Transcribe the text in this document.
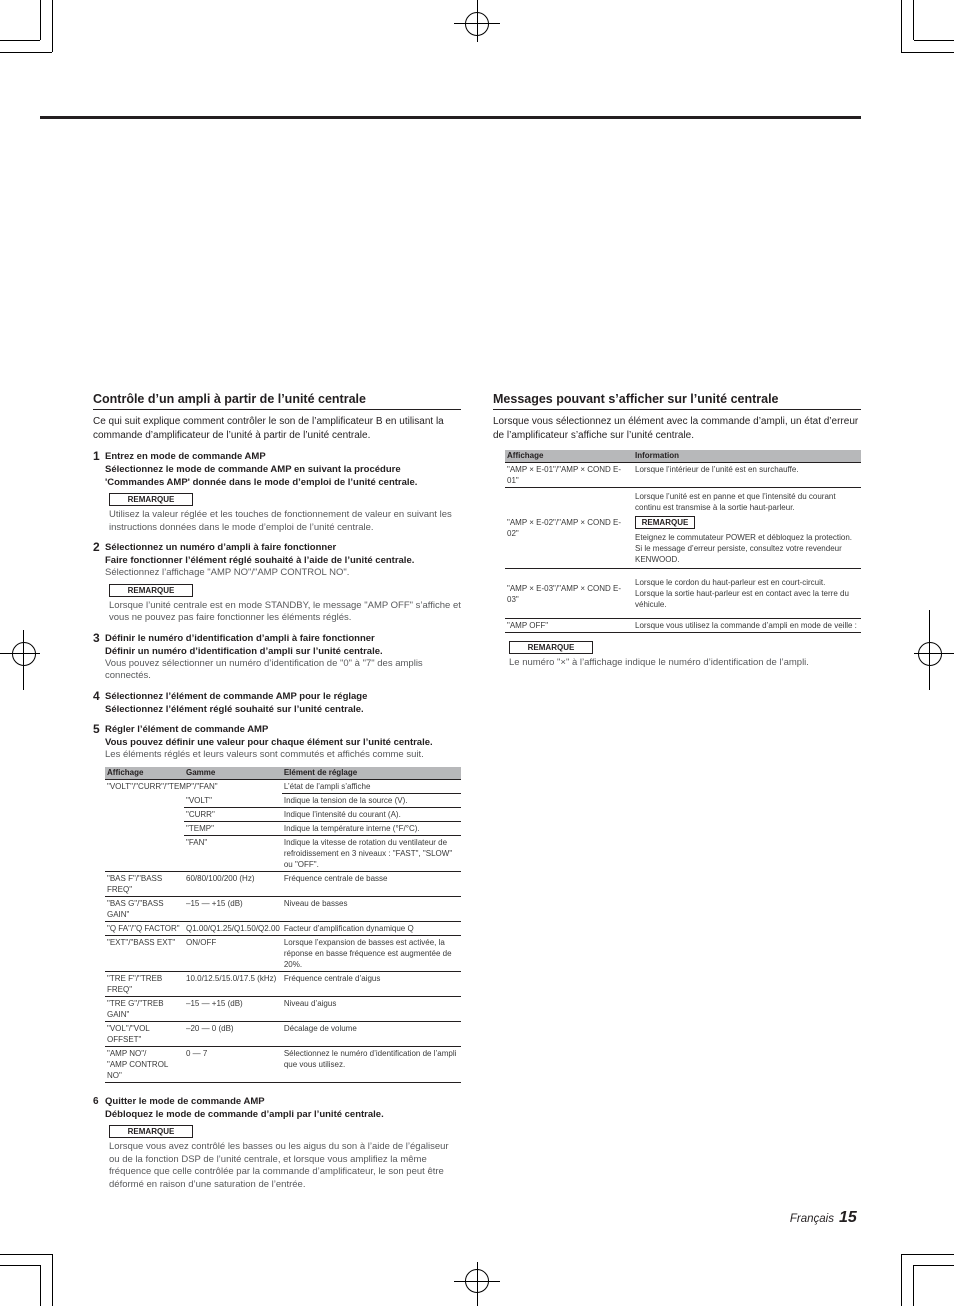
Contrôle d’un ampli à partir de l’unité centrale

Ce qui suit explique comment contrôler le son de l’amplificateur B en utilisant la commande d’amplificateur de l’unité à partir de l’unité centrale.

1 Entrez en mode de commande AMP
Sélectionnez le mode de commande AMP en suivant la procédure 'Commandes AMP' donnée dans le mode d’emploi de l’unité centrale.
REMARQUE
Utilisez la valeur réglée et les touches de fonctionnement de valeur en suivant les instructions données dans le mode d’emploi de l’unité centrale.
2 Sélectionnez un numéro d’ampli à faire fonctionner
Faire fonctionner l’élément réglé souhaité à l’aide de l’unité centrale.
Sélectionnez l’affichage "AMP NO"/"AMP CONTROL NO".
REMARQUE
Lorsque l’unité centrale est en mode STANDBY, le message "AMP OFF" s’affiche et vous ne pouvez pas faire fonctionner les éléments réglés.
3 Définir le numéro d’identification d’ampli à faire fonctionner
Définir un numéro d’identification d’ampli sur l’unité centrale.
Vous pouvez sélectionner un numéro d’identification de "0" à "7" des amplis connectés.
4 Sélectionnez l’élément de commande AMP pour le réglage
Sélectionnez l’élément réglé souhaité sur l’unité centrale.
5 Régler l’élément de commande AMP
Vous pouvez définir une valeur pour chaque élément sur l’unité centrale.
Les éléments réglés et leurs valeurs sont commutés et affichés comme suit.
Affichage	Gamme	Elément de réglage
"VOLT"/"CURR"/"TEMP"/"FAN"		L’état de l’ampli s’affiche
	"VOLT"	Indique la tension de la source (V).
	"CURR"	Indique l’intensité du courant (A).
	"TEMP"	Indique la température interne (°F/°C).
	"FAN"	Indique la vitesse de rotation du ventilateur de refroidissement en 3 niveaux : "FAST", "SLOW" ou "OFF".
"BAS F"/"BASS FREQ"	60/80/100/200 (Hz)	Fréquence centrale de basse
"BAS G"/"BASS GAIN"	–15 — +15 (dB)	Niveau de basses
"Q FA"/"Q FACTOR"	Q1.00/Q1.25/Q1.50/Q2.00	Facteur d’amplification dynamique Q
"EXT"/"BASS EXT"	ON/OFF	Lorsque l’expansion de basses est activée, la réponse en basse fréquence est augmentée de 20%.
"TRE F"/"TREB FREQ"	10.0/12.5/15.0/17.5 (kHz)	Fréquence centrale d’aigus
"TRE G"/"TREB GAIN"	–15 — +15 (dB)	Niveau d’aigus
"VOL"/"VOL OFFSET"	–20 — 0 (dB)	Décalage de volume
"AMP NO"/
"AMP CONTROL NO"	0 — 7	Sélectionnez le numéro d’identification de l’ampli que vous utilisez.
6 Quitter le mode de commande AMP
Débloquez le mode de commande d’ampli par l’unité centrale.
REMARQUE
Lorsque vous avez contrôlé les basses ou les aigus du son à l’aide de l’égaliseur ou de la fonction DSP de l’unité centrale, et lorsque vous amplifiez la même fréquence que celle contrôlée par la commande d’amplificateur, le son peut être déformé en raison d’une saturation de l’entrée.
Messages pouvant s’afficher sur l’unité centrale

Lorsque vous sélectionnez un élément avec la commande d’ampli, un état d’erreur de l’amplificateur s’affiche sur l’unité centrale.

Affichage	Information
"AMP × E-01"/"AMP × COND E-01"	Lorsque l’intérieur de l’unité est en surchauffe.
"AMP × E-02"/"AMP × COND E-02"	Lorsque l’unité est en panne et que l’intensité du courant continu est transmise à la sortie haut-parleur.
REMARQUE
Eteignez le commutateur POWER et débloquez la protection. Si le message d’erreur persiste, consultez votre revendeur KENWOOD.

"AMP × E-03"/"AMP × COND E-03"	Lorsque le cordon du haut-parleur est en court-circuit.
Lorsque la sortie haut-parleur est en contact avec la terre du véhicule.

"AMP OFF"	Lorsque vous utilisez la commande d’ampli en mode de veille :
REMARQUE
Le numéro "×" à l’affichage indique le numéro d’identification de l’ampli.
Français 15
